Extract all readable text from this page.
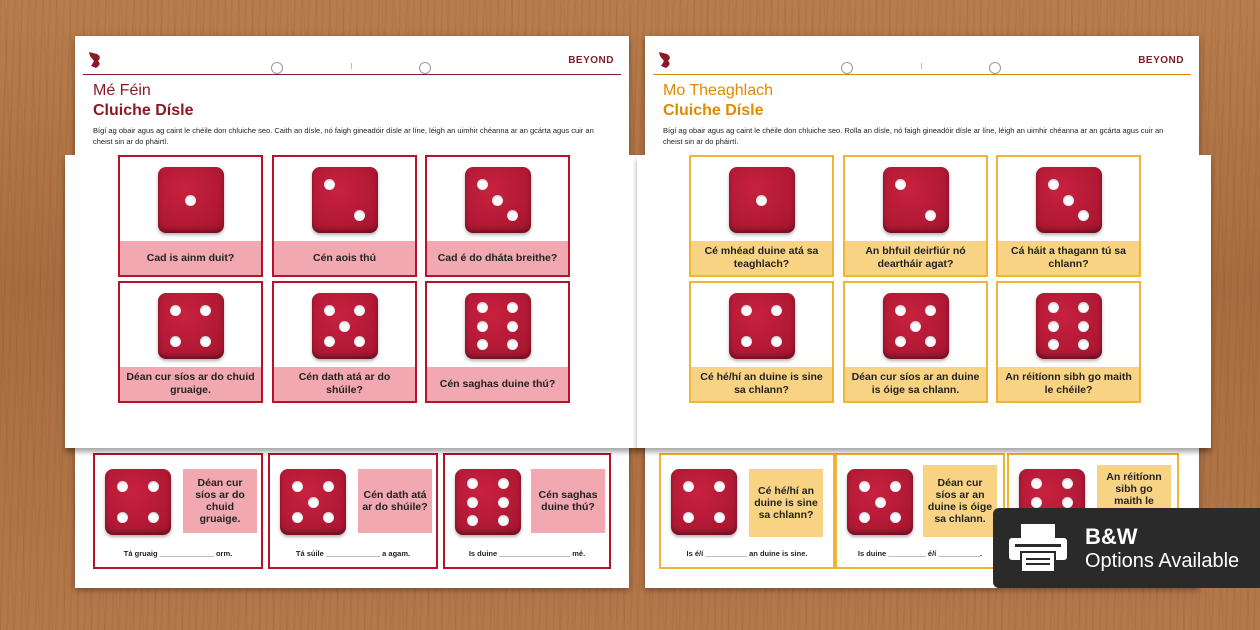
BEYOND
Mé Féin
Cluiche Dísle
Bígí ag obair agus ag caint le chéile don chluiche seo. Caith an dísle, nó faigh gineadóir dísle ar líne, léigh an uimhir chéanna ar an gcárta agus cuir an cheist sin ar do pháirtí.
Déan cur síos ar do chuid gruaige.
Tá gruaig _____________ orm.
Cén dath atá ar do shúile?
Tá súile _____________ a agam.
Cén saghas duine thú?
Is duine _________________ mé.
Cad is ainm duit?	Cén aois thú	Cad é do dháta breithe?
Déan cur síos ar do chuid gruaige.
Cén dath atá ar do shúile?
Cén saghas duine thú?
BEYOND
Mo Theaghlach
Cluiche Dísle
Bígí ag obair agus ag caint le chéile don chluiche seo. Rolla an dísle, nó faigh gineadóir dísle ar líne, léigh an uimhir chéanna ar an gcárta agus cuir an cheist sin ar do pháirtí.
Cé hé/hí an duine is sine sa chlann?
Is é/í __________ an duine is sine.
Déan cur síos ar an duine is óige sa chlann.
Is duine _________ é/í __________.
An réitíonn sibh go maith le
Cé mhéad duine atá sa teaghlach?
An bhfuil deirfiúr nó deartháir agat?
Cá háit a thagann tú sa chlann?
Cé hé/hí an duine is sine sa chlann?
Déan cur síos ar an duine is óige sa chlann.
An réitíonn sibh go maith le chéile?
B&W
Options Available
